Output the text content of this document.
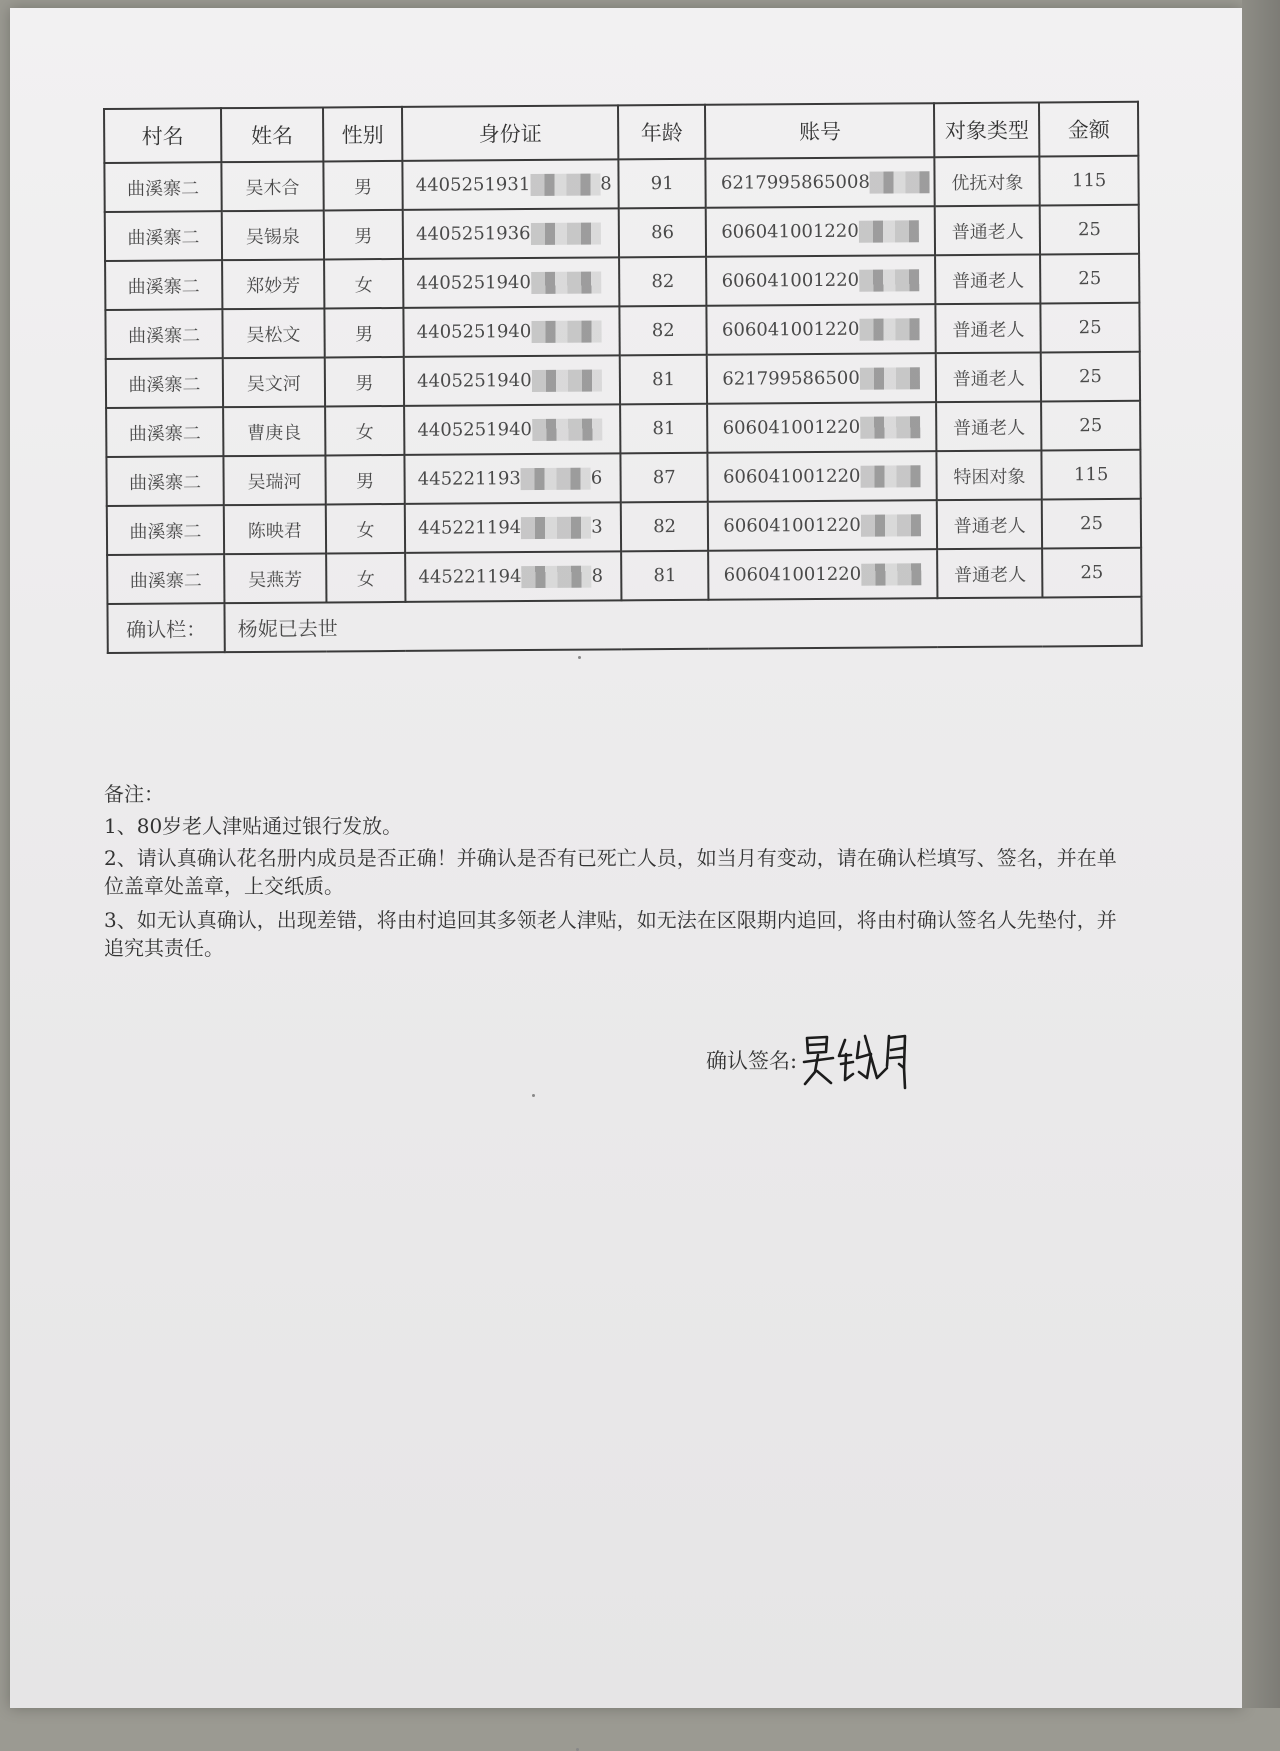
村名	姓名	性别	身份证	年龄	账号	对象类型	金额
曲溪寨二	吴木合	男	4405251931 8	91	6217995865008	优抚对象	115
曲溪寨二	吴锡泉	男	4405251936	86	606041001220	普通老人	25
曲溪寨二	郑妙芳	女	4405251940	82	606041001220	普通老人	25
曲溪寨二	吴松文	男	4405251940	82	606041001220	普通老人	25
曲溪寨二	吴文河	男	4405251940	81	621799586500	普通老人	25
曲溪寨二	曹庚良	女	4405251940	81	606041001220	普通老人	25
曲溪寨二	吴瑞河	男	445221193 6	87	606041001220	特困对象	115
曲溪寨二	陈映君	女	445221194 3	82	606041001220	普通老人	25
曲溪寨二	吴燕芳	女	445221194 8	81	606041001220	普通老人	25
确认栏：	杨妮已去世						

备注：

1、80岁老人津贴通过银行发放。

2、请认真确认花名册内成员是否正确！并确认是否有已死亡人员，如当月有变动，请在确认栏填写、签名，并在单位盖章处盖章，上交纸质。

3、如无认真确认，出现差错，将由村追回其多领老人津贴，如无法在区限期内追回，将由村确认签名人先垫付，并追究其责任。

确认签名:
